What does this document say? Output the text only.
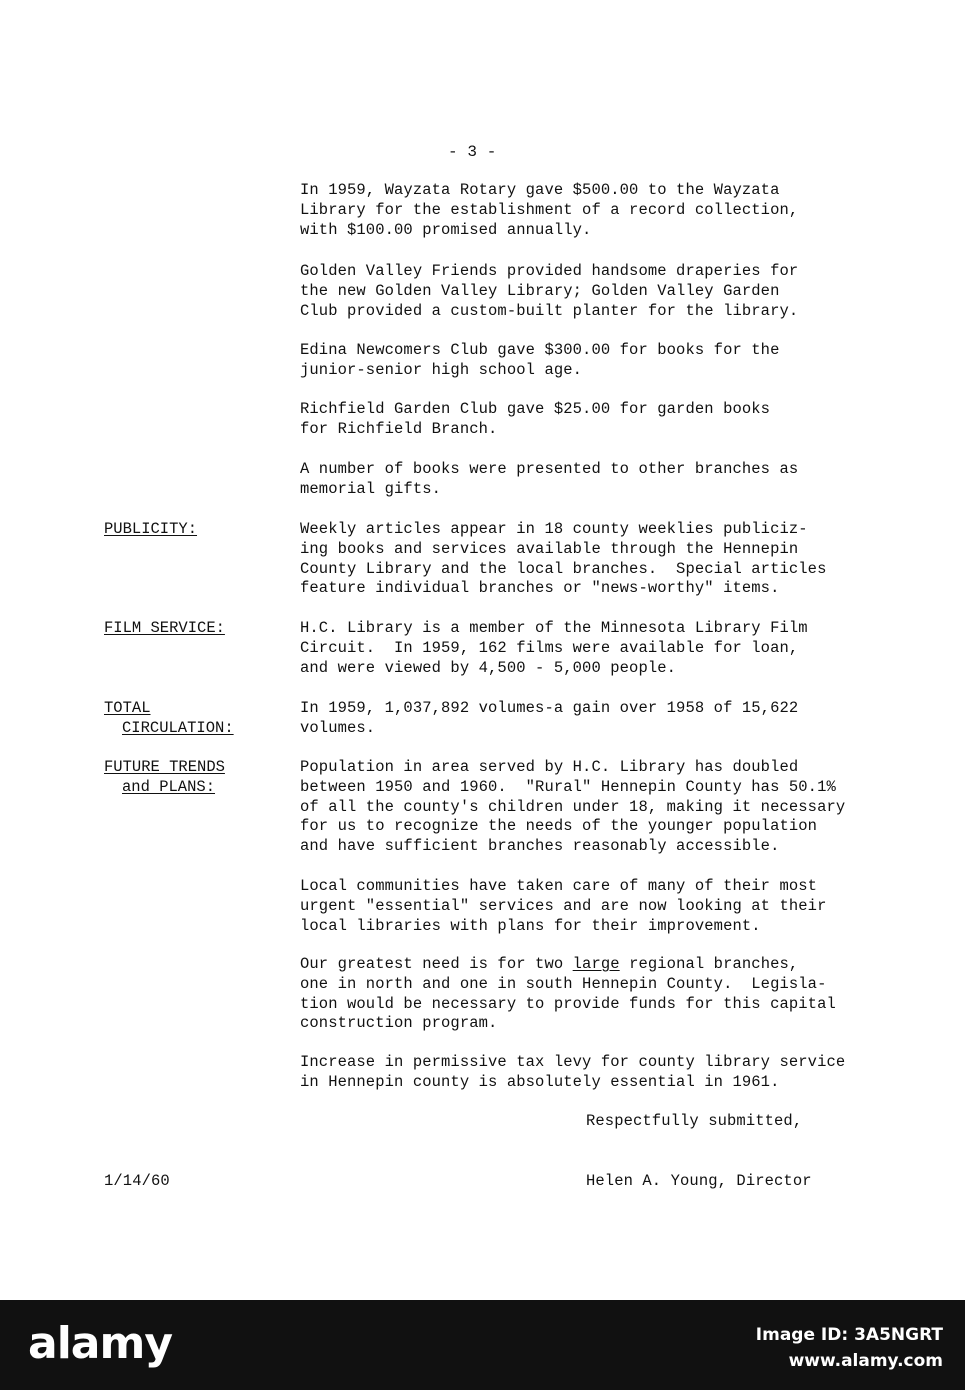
- 3 -
In 1959, Wayzata Rotary gave $500.00 to the Wayzata
Library for the establishment of a record collection,
with $100.00 promised annually.
Golden Valley Friends provided handsome draperies for
the new Golden Valley Library; Golden Valley Garden
Club provided a custom-built planter for the library.
Edina Newcomers Club gave $300.00 for books for the
junior-senior high school age.
Richfield Garden Club gave $25.00 for garden books
for Richfield Branch.
A number of books were presented to other branches as
memorial gifts.
PUBLICITY:	Weekly articles appear in 18 county weeklies publiciz-
ing books and services available through the Hennepin
County Library and the local branches.  Special articles
feature individual branches or "news-worthy" items.
FILM SERVICE:	H.C. Library is a member of the Minnesota Library Film
Circuit.  In 1959, 162 films were available for loan,
and were viewed by 4,500 - 5,000 people.
TOTAL
CIRCULATION:
In 1959, 1,037,892 volumes-a gain over 1958 of 15,622
volumes.
FUTURE TRENDS
and PLANS:
Population in area served by H.C. Library has doubled
between 1950 and 1960.  "Rural" Hennepin County has 50.1%
of all the county's children under 18, making it necessary
for us to recognize the needs of the younger population
and have sufficient branches reasonably accessible.
Local communities have taken care of many of their most
urgent "essential" services and are now looking at their
local libraries with plans for their improvement.
Our greatest need is for two large regional branches,
one in north and one in south Hennepin County.  Legisla-
tion would be necessary to provide funds for this capital
construction program.
Increase in permissive tax levy for county library service
in Hennepin county is absolutely essential in 1961.
Respectfully submitted,
1/14/60	Helen A. Young, Director
alamy	Image ID: 3A5NGRT
www.alamy.com
